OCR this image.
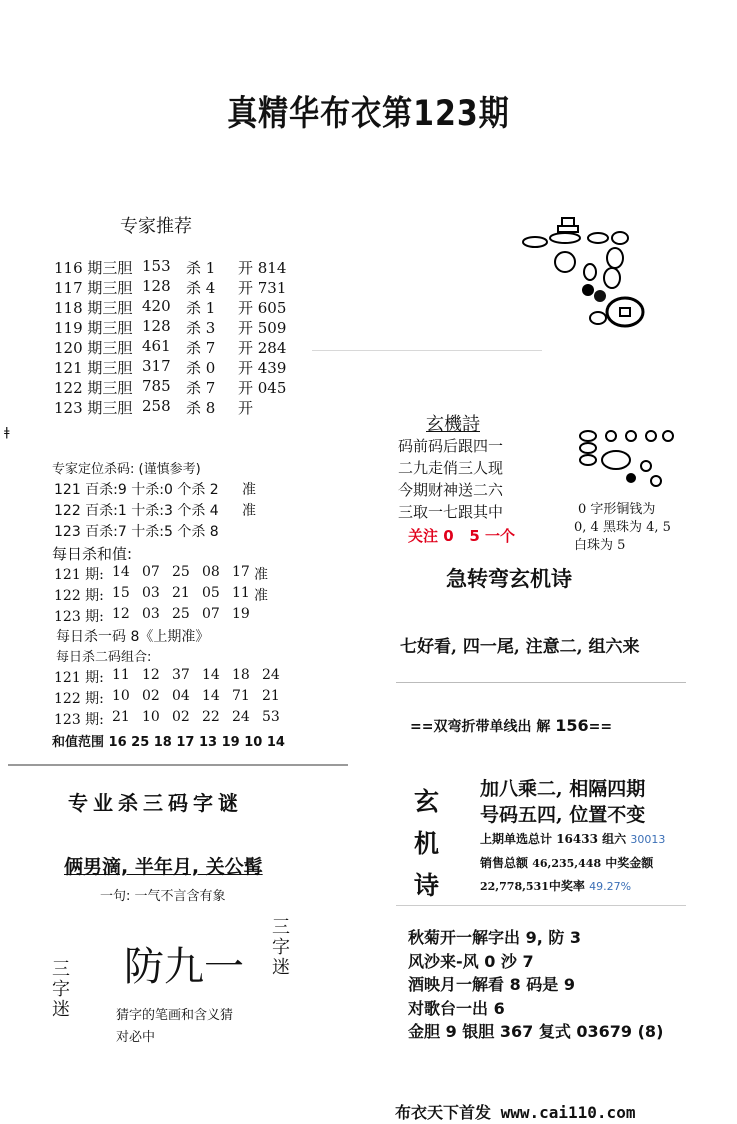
真精华布衣第123期
专家推荐
116 期三胆 153 杀 1 开 814
117 期三胆 128 杀 4 开 731
118 期三胆 420 杀 1 开 605
119 期三胆 128 杀 3 开 509
120 期三胆 461 杀 7 开 284
121 期三胆 317 杀 0 开 439
122 期三胆 785 杀 7 开 045
123 期三胆 258 杀 8 开
ǂ
专家定位杀码: (谨慎参考)
121 百杀:9 十杀:0 个杀 2 准
122 百杀:1 十杀:3 个杀 4 准
123 百杀:7 十杀:5 个杀 8
每日杀和值:
121 期: 14 07 25 08 17 准
122 期: 15 03 21 05 11 准
123 期: 12 03 25 07 19
每日杀一码 8《上期准》
每日杀二码组合:
121 期: 11 12 37 14 18 24
122 期: 10 02 04 14 71 21
123 期: 21 10 02 22 24 53
和值范围 16 25 18 17 13 19 10 14
专业杀三码字谜
俩男滴, 半年月, 关公髯
一句: 一气不言含有象
防九一
三字迷
三字迷
猜字的笔画和含义猜
对必中
玄機詩
码前码后跟四一
二九走俏三人现
今期财神送二六
三取一七跟其中
关注 0   5 一个
0 字形铜钱为
0, 4 黑珠为 4, 5
白珠为 5
急转弯玄机诗
七好看, 四一尾, 注意二, 组六来
==双弯折带单线出 解 156==
玄
机
诗
加八乘二, 相隔四期
号码五四, 位置不变
上期单选总计 16433 组六 30013
销售总额 46,235,448 中奖金额
22,778,531中奖率 49.27%
秋菊开一解字出 9, 防 3
风沙来-风 0 沙 7
酒映月一解看 8 码是 9
对歌台一出 6
金胆 9 银胆 367 复式 03679 (8)
布衣天下首发 www.cai110.com
